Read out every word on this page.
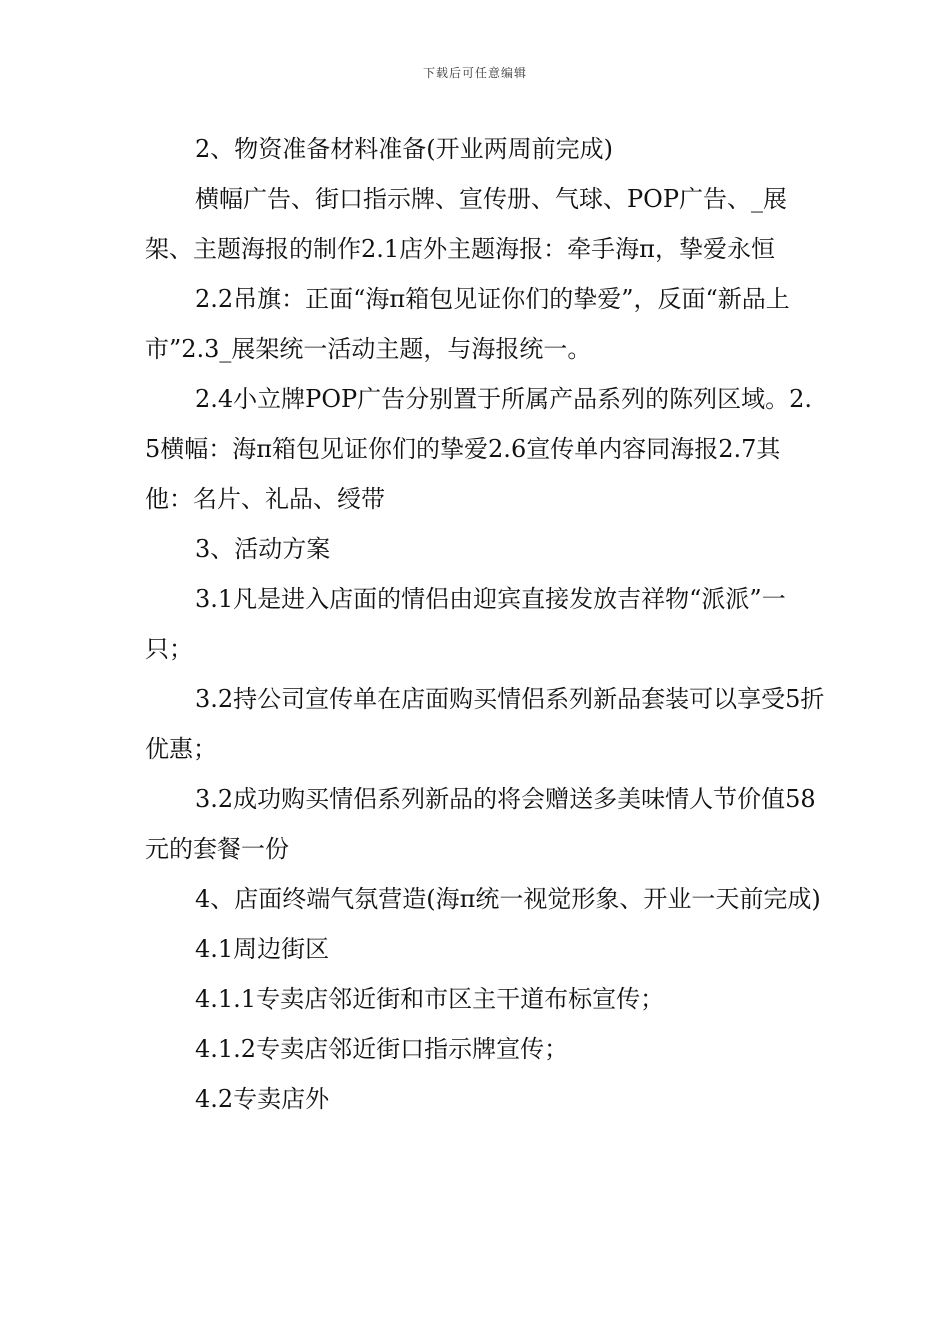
下载后可任意编辑

2、物资准备材料准备(开业两周前完成)

横幅广告、街口指示牌、宣传册、气球、POP广告、_展架、主题海报的制作2.1店外主题海报：牵手海π，挚爱永恒

2.2吊旗：正面“海π箱包见证你们的挚爱”，反面“新品上市”2.3_展架统一活动主题，与海报统一。

2.4小立牌POP广告分别置于所属产品系列的陈列区域。2.5横幅：海π箱包见证你们的挚爱2.6宣传单内容同海报2.7其他：名片、礼品、绶带

3、活动方案

3.1凡是进入店面的情侣由迎宾直接发放吉祥物“派派”一只；

3.2持公司宣传单在店面购买情侣系列新品套装可以享受5折优惠；

3.2成功购买情侣系列新品的将会赠送多美味情人节价值58元的套餐一份

4、店面终端气氛营造(海π统一视觉形象、开业一天前完成)

4.1周边街区

4.1.1专卖店邻近街和市区主干道布标宣传；

4.1.2专卖店邻近街口指示牌宣传；

4.2专卖店外
